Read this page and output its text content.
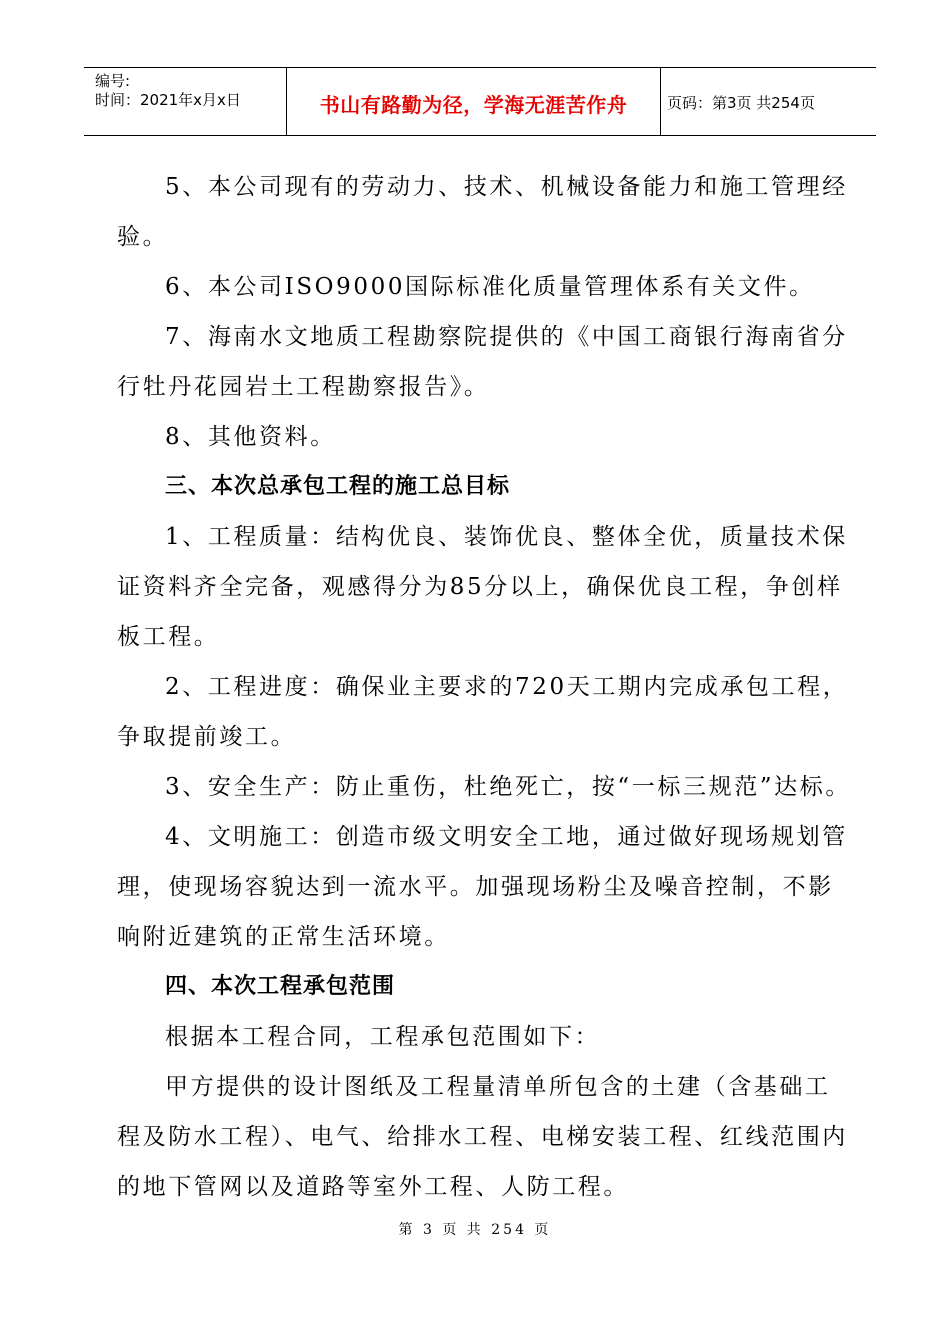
编号:
时间：2021年x月x日	书山有路勤为径，学海无涯苦作舟	页码：第3页 共254页

5、本公司现有的劳动力、技术、机械设备能力和施工管理经验。

6、本公司ISO9000国际标准化质量管理体系有关文件。

7、海南水文地质工程勘察院提供的《中国工商银行海南省分行牡丹花园岩土工程勘察报告》。

8、其他资料。

三、本次总承包工程的施工总目标

1、工程质量：结构优良、装饰优良、整体全优，质量技术保证资料齐全完备，观感得分为85分以上，确保优良工程，争创样板工程。

2、工程进度：确保业主要求的720天工期内完成承包工程，争取提前竣工。

3、安全生产：防止重伤，杜绝死亡，按“一标三规范”达标。

4、文明施工：创造市级文明安全工地，通过做好现场规划管理，使现场容貌达到一流水平。加强现场粉尘及噪音控制，不影响附近建筑的正常生活环境。

四、本次工程承包范围

根据本工程合同，工程承包范围如下：

甲方提供的设计图纸及工程量清单所包含的土建（含基础工程及防水工程）、电气、给排水工程、电梯安装工程、红线范围内的地下管网以及道路等室外工程、人防工程。

第 3 页 共 254 页
